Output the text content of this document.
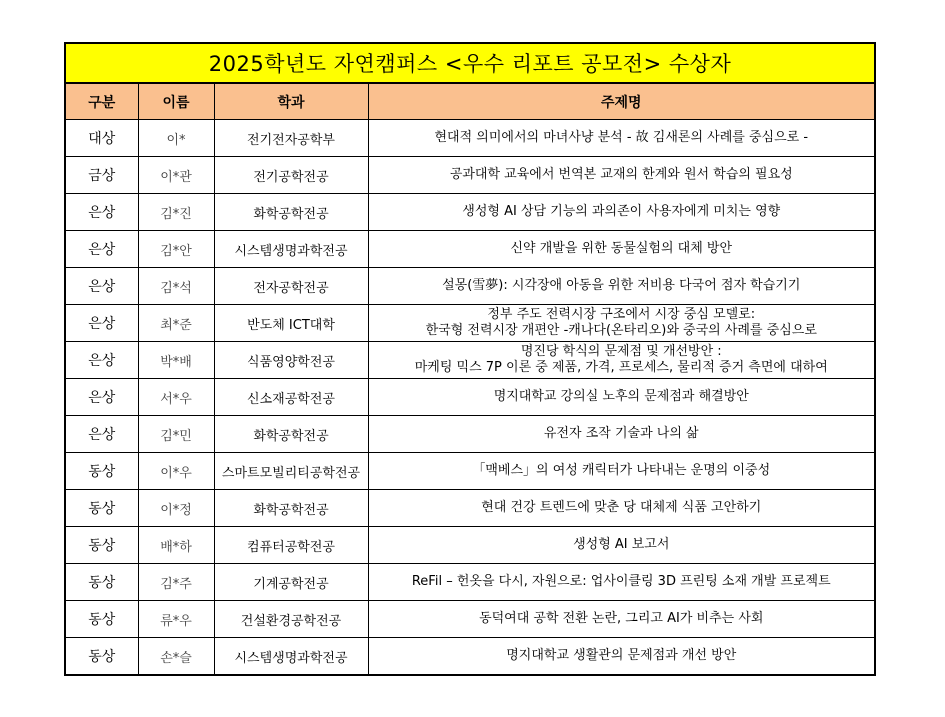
2025학년도 자연캠퍼스 <우수 리포트 공모전> 수상자			
구분	이름	학과	주제명
대상	이*	전기전자공학부	현대적 의미에서의 마녀사냥 분석 - 故 김새론의 사례를 중심으로 -

금상	이*관	전기공학전공	공과대학 교육에서 번역본 교재의 한계와 원서 학습의 필요성

은상	김*진	화학공학전공	생성형 AI 상담 기능의 과의존이 사용자에게 미치는 영향

은상	김*안	시스템생명과학전공	신약 개발을 위한 동물실험의 대체 방안

은상	김*석	전자공학전공	설몽(雪夢): 시각장애 아동을 위한 저비용 다국어 점자 학습기기

은상	최*준	반도체 ICT대학	정부 주도 전력시장 구조에서 시장 중심 모델로:
한국형 전력시장 개편안 -캐나다(온타리오)와 중국의 사례를 중심으로

은상	박*배	식품영양학전공	명진당 학식의 문제점 및 개선방안 :
마케팅 믹스 7P 이론 중 제품, 가격, 프로세스, 물리적 증거 측면에 대하여

은상	서*우	신소재공학전공	명지대학교 강의실 노후의 문제점과 해결방안

은상	김*민	화학공학전공	유전자 조작 기술과 나의 삶

동상	이*우	스마트모빌리티공학전공	「맥베스」의 여성 캐릭터가 나타내는 운명의 이중성

동상	이*정	화학공학전공	현대 건강 트렌드에 맞춘 당 대체제 식품 고안하기

동상	배*하	컴퓨터공학전공	생성형 AI 보고서

동상	김*주	기계공학전공	ReFil – 헌옷을 다시, 자원으로: 업사이클링 3D 프린팅 소재 개발 프로젝트

동상	류*우	건설환경공학전공	동덕여대 공학 전환 논란, 그리고 AI가 비추는 사회

동상	손*슬	시스템생명과학전공	명지대학교 생활관의 문제점과 개선 방안
